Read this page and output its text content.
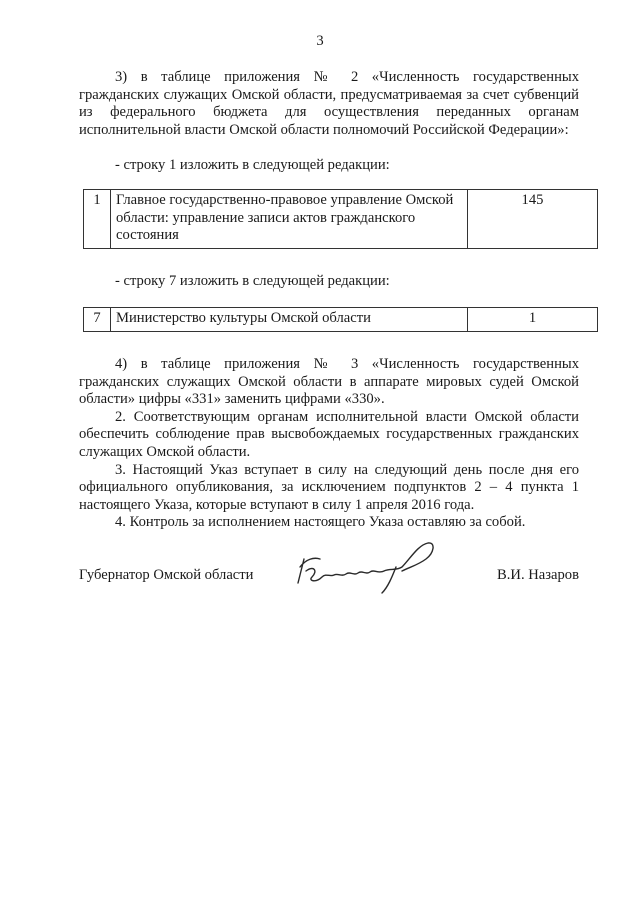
3

3) в таблице приложения № 2 «Численность государственных гражданских служащих Омской области, предусматриваемая за счет субвенций из федерального бюджета для осуществления переданных органам исполнительной власти Омской области полномочий Российской Федерации»:

- строку 1 изложить в следующей редакции:

1	Главное государственно-правовое управление Омской области: управление записи актов гражданского состояния	145

- строку 7 изложить в следующей редакции:

7	Министерство культуры Омской области	1

4) в таблице приложения № 3 «Численность государственных гражданских служащих Омской области в аппарате мировых судей Омской области» цифры «331» заменить цифрами «330».

2. Соответствующим органам исполнительной власти Омской области обеспечить соблюдение прав высвобождаемых государственных гражданских служащих Омской области.

3. Настоящий Указ вступает в силу на следующий день после дня его официального опубликования, за исключением подпунктов 2 – 4 пункта 1 настоящего Указа, которые вступают в силу 1 апреля 2016 года.

4. Контроль за исполнением настоящего Указа оставляю за собой.

Губернатор Омской области	В.И. Назаров
